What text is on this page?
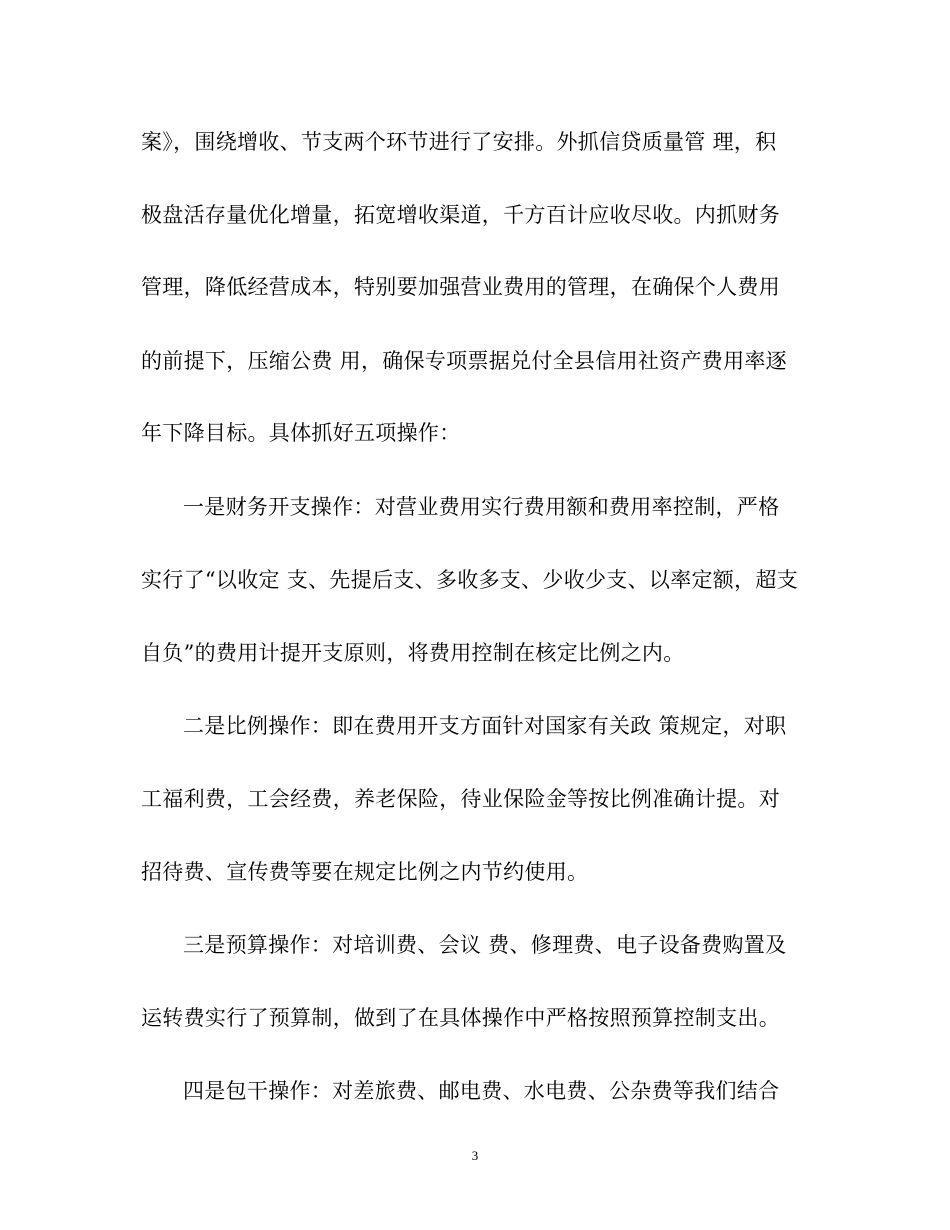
案》，围绕增收、节支两个环节进行了安排。外抓信贷质量管 理，积
极盘活存量优化增量，拓宽增收渠道，千方百计应收尽收。内抓财务
管理，降低经营成本，特别要加强营业费用的管理，在确保个人费用
的前提下，压缩公费 用，确保专项票据兑付全县信用社资产费用率逐
年下降目标。具体抓好五项操作：
一是财务开支操作：对营业费用实行费用额和费用率控制，严格
实行了“以收定 支、先提后支、多收多支、少收少支、以率定额，超支
自负”的费用计提开支原则，将费用控制在核定比例之内。
二是比例操作：即在费用开支方面针对国家有关政 策规定，对职
工福利费，工会经费，养老保险，待业保险金等按比例准确计提。对
招待费、宣传费等要在规定比例之内节约使用。
三是预算操作：对培训费、会议 费、修理费、电子设备费购置及
运转费实行了预算制，做到了在具体操作中严格按照预算控制支出。
四是包干操作：对差旅费、邮电费、水电费、公杂费等我们结合
3
